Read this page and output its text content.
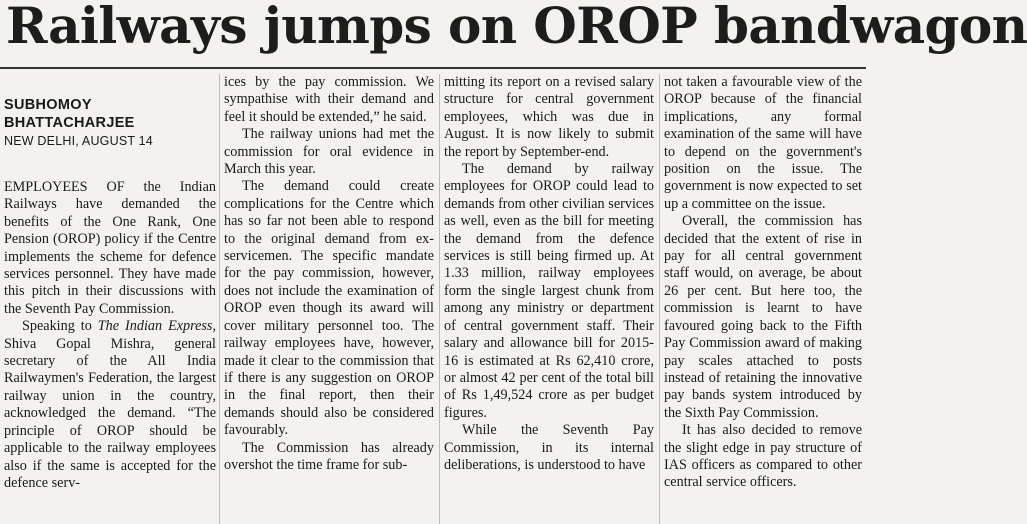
Railways jumps on OROP bandwagon
SUBHOMOY
BHATTACHARJEE
NEW DELHI, AUGUST 14

EMPLOYEES OF the Indian Railways have demanded the benefits of the One Rank, One Pension (OROP) policy if the Centre implements the scheme for defence services personnel. They have made this pitch in their discussions with the Seventh Pay Commission.

Speaking to The Indian Express, Shiva Gopal Mishra, general secretary of the All India Railwaymen's Federation, the largest railway union in the country, acknowledged the demand. “The principle of OROP should be applicable to the railway employees also if the same is accepted for the defence serv-

ices by the pay commission. We sympathise with their demand and feel it should be extended,” he said.

The railway unions had met the commission for oral evidence in March this year.

The demand could create complications for the Centre which has so far not been able to respond to the original demand from ex-servicemen. The specific mandate for the pay commission, however, does not include the examination of OROP even though its award will cover military personnel too. The railway employees have, however, made it clear to the commission that if there is any suggestion on OROP in the final report, then their demands should also be considered favourably.

The Commission has already overshot the time frame for sub-

mitting its report on a revised salary structure for central government employees, which was due in August. It is now likely to submit the report by September-end.

The demand by railway employees for OROP could lead to demands from other civilian services as well, even as the bill for meeting the demand from the defence services is still being firmed up. At 1.33 million, railway employees form the single largest chunk from among any ministry or department of central government staff. Their salary and allowance bill for 2015-16 is estimated at Rs 62,410 crore, or almost 42 per cent of the total bill of Rs 1,49,524 crore as per budget figures.

While the Seventh Pay Commission, in its internal deliberations, is understood to have

not taken a favourable view of the OROP because of the financial implications, any formal examination of the same will have to depend on the government's position on the issue. The government is now expected to set up a committee on the issue.

Overall, the commission has decided that the extent of rise in pay for all central government staff would, on average, be about 26 per cent. But here too, the commission is learnt to have favoured going back to the Fifth Pay Commission award of making pay scales attached to posts instead of retaining the innovative pay bands system introduced by the Sixth Pay Commission.

It has also decided to remove the slight edge in pay structure of IAS officers as compared to other central service officers.
